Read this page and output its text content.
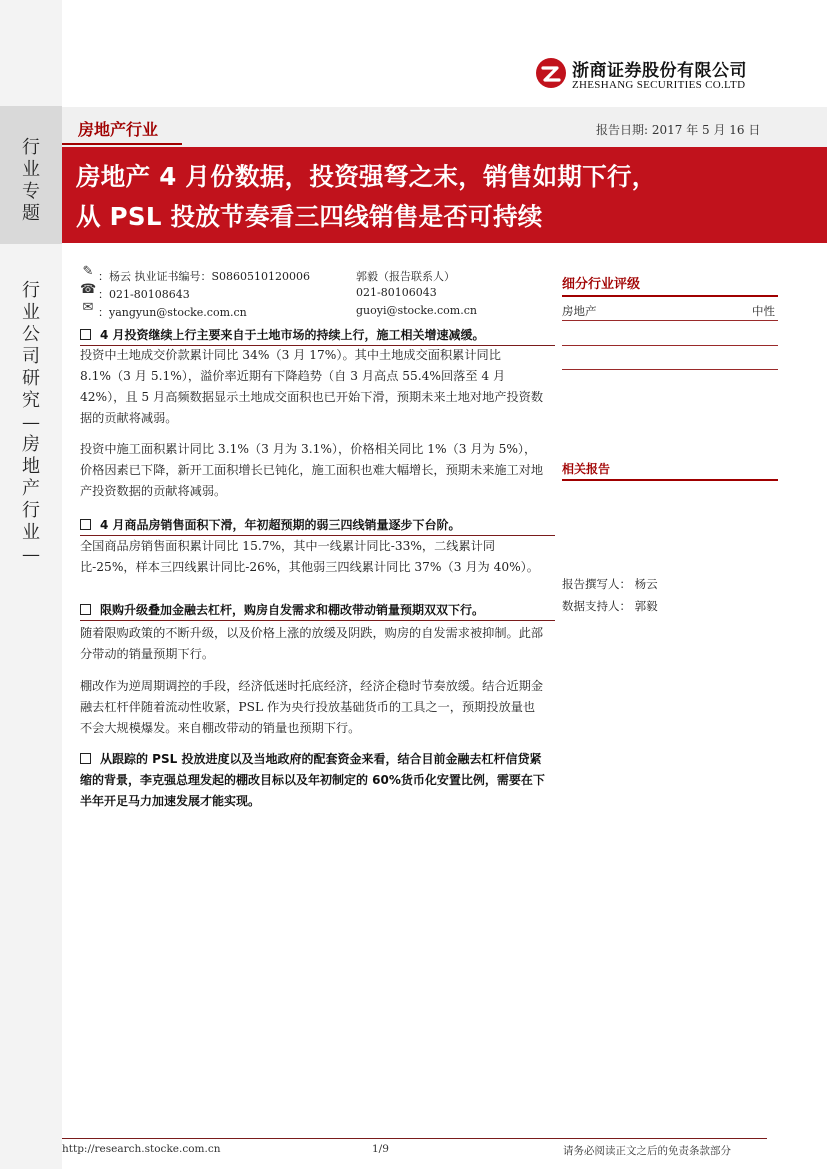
行
业
专
题
行
业
公
司
研
究
—
房
地
产
行
业
—
浙商证券股份有限公司
ZHESHANG SECURITIES CO.LTD
房地产行业	报告日期: 2017 年 5 月 16 日
房地产 4 月份数据，投资强弩之末，销售如期下行，
从 PSL 投放节奏看三四线销售是否可持续
✎ ：杨云 执业证书编号：S0860510120006	郭毅（报告联系人）
☎ ：021-80108643	021-80106043
✉ ：yangyun@stocke.com.cn	guoyi@stocke.com.cn
4 月投资继续上行主要来自于土地市场的持续上行，施工相关增速减缓。
投资中土地成交价款累计同比 34%（3 月 17%）。其中土地成交面积累计同比 8.1%（3 月 5.1%），溢价率近期有下降趋势（自 3 月高点 55.4%回落至 4 月 42%），且 5 月高频数据显示土地成交面积也已开始下滑，预期未来土地对地产投资数据的贡献将减弱。
投资中施工面积累计同比 3.1%（3 月为 3.1%），价格相关同比 1%（3 月为 5%），价格因素已下降，新开工面积增长已钝化，施工面积也难大幅增长，预期未来施工对地产投资数据的贡献将减弱。
4 月商品房销售面积下滑，年初超预期的弱三四线销量逐步下台阶。
全国商品房销售面积累计同比 15.7%，其中一线累计同比-33%，二线累计同比-25%，样本三四线累计同比-26%，其他弱三四线累计同比 37%（3 月为 40%）。
限购升级叠加金融去杠杆，购房自发需求和棚改带动销量预期双双下行。
随着限购政策的不断升级，以及价格上涨的放缓及阴跌，购房的自发需求被抑制。此部分带动的销量预期下行。
棚改作为逆周期调控的手段，经济低迷时托底经济，经济企稳时节奏放缓。结合近期金融去杠杆伴随着流动性收紧，PSL 作为央行投放基础货币的工具之一，预期投放量也不会大规模爆发。来自棚改带动的销量也预期下行。
从跟踪的 PSL 投放进度以及当地政府的配套资金来看，结合目前金融去杠杆信贷紧缩的背景，李克强总理发起的棚改目标以及年初制定的 60%货币化安置比例，需要在下半年开足马力加速发展才能实现。
细分行业评级
房地产	中性
相关报告
报告撰写人： 杨云
数据支持人： 郭毅
http://research.stocke.com.cn	1/9	请务必阅读正文之后的免责条款部分
